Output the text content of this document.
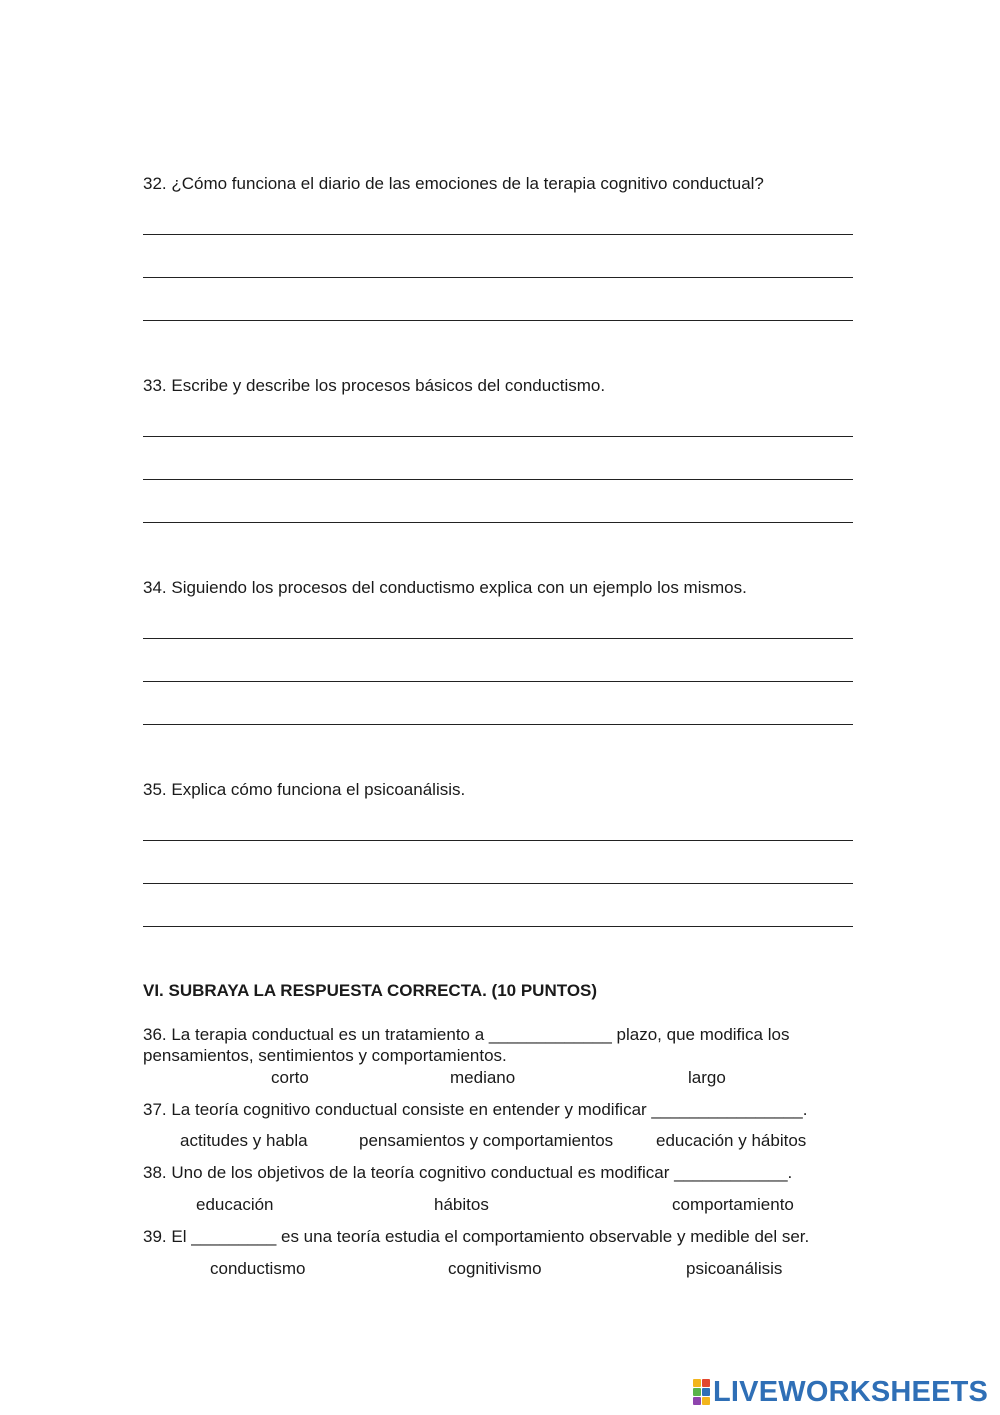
32. ¿Cómo funciona el diario de las emociones de la terapia cognitivo conductual?
33. Escribe y describe los procesos básicos del conductismo.
34. Siguiendo los procesos del conductismo explica con un ejemplo los mismos.
35. Explica cómo funciona el psicoanálisis.
VI. SUBRAYA LA RESPUESTA CORRECTA. (10 PUNTOS)
36. La terapia conductual es un tratamiento a _____________ plazo, que modifica los
pensamientos, sentimientos y comportamientos.
corto	mediano	largo
37. La teoría cognitivo conductual consiste en entender y modificar ________________.
actitudes y habla	pensamientos y comportamientos	educación y hábitos
38. Uno de los objetivos de la teoría cognitivo conductual es modificar ____________.
educación	hábitos	comportamiento
39. El _________ es una teoría estudia el comportamiento observable y medible del ser.
conductismo	cognitivismo	psicoanálisis
LIVEWORKSHEETS
